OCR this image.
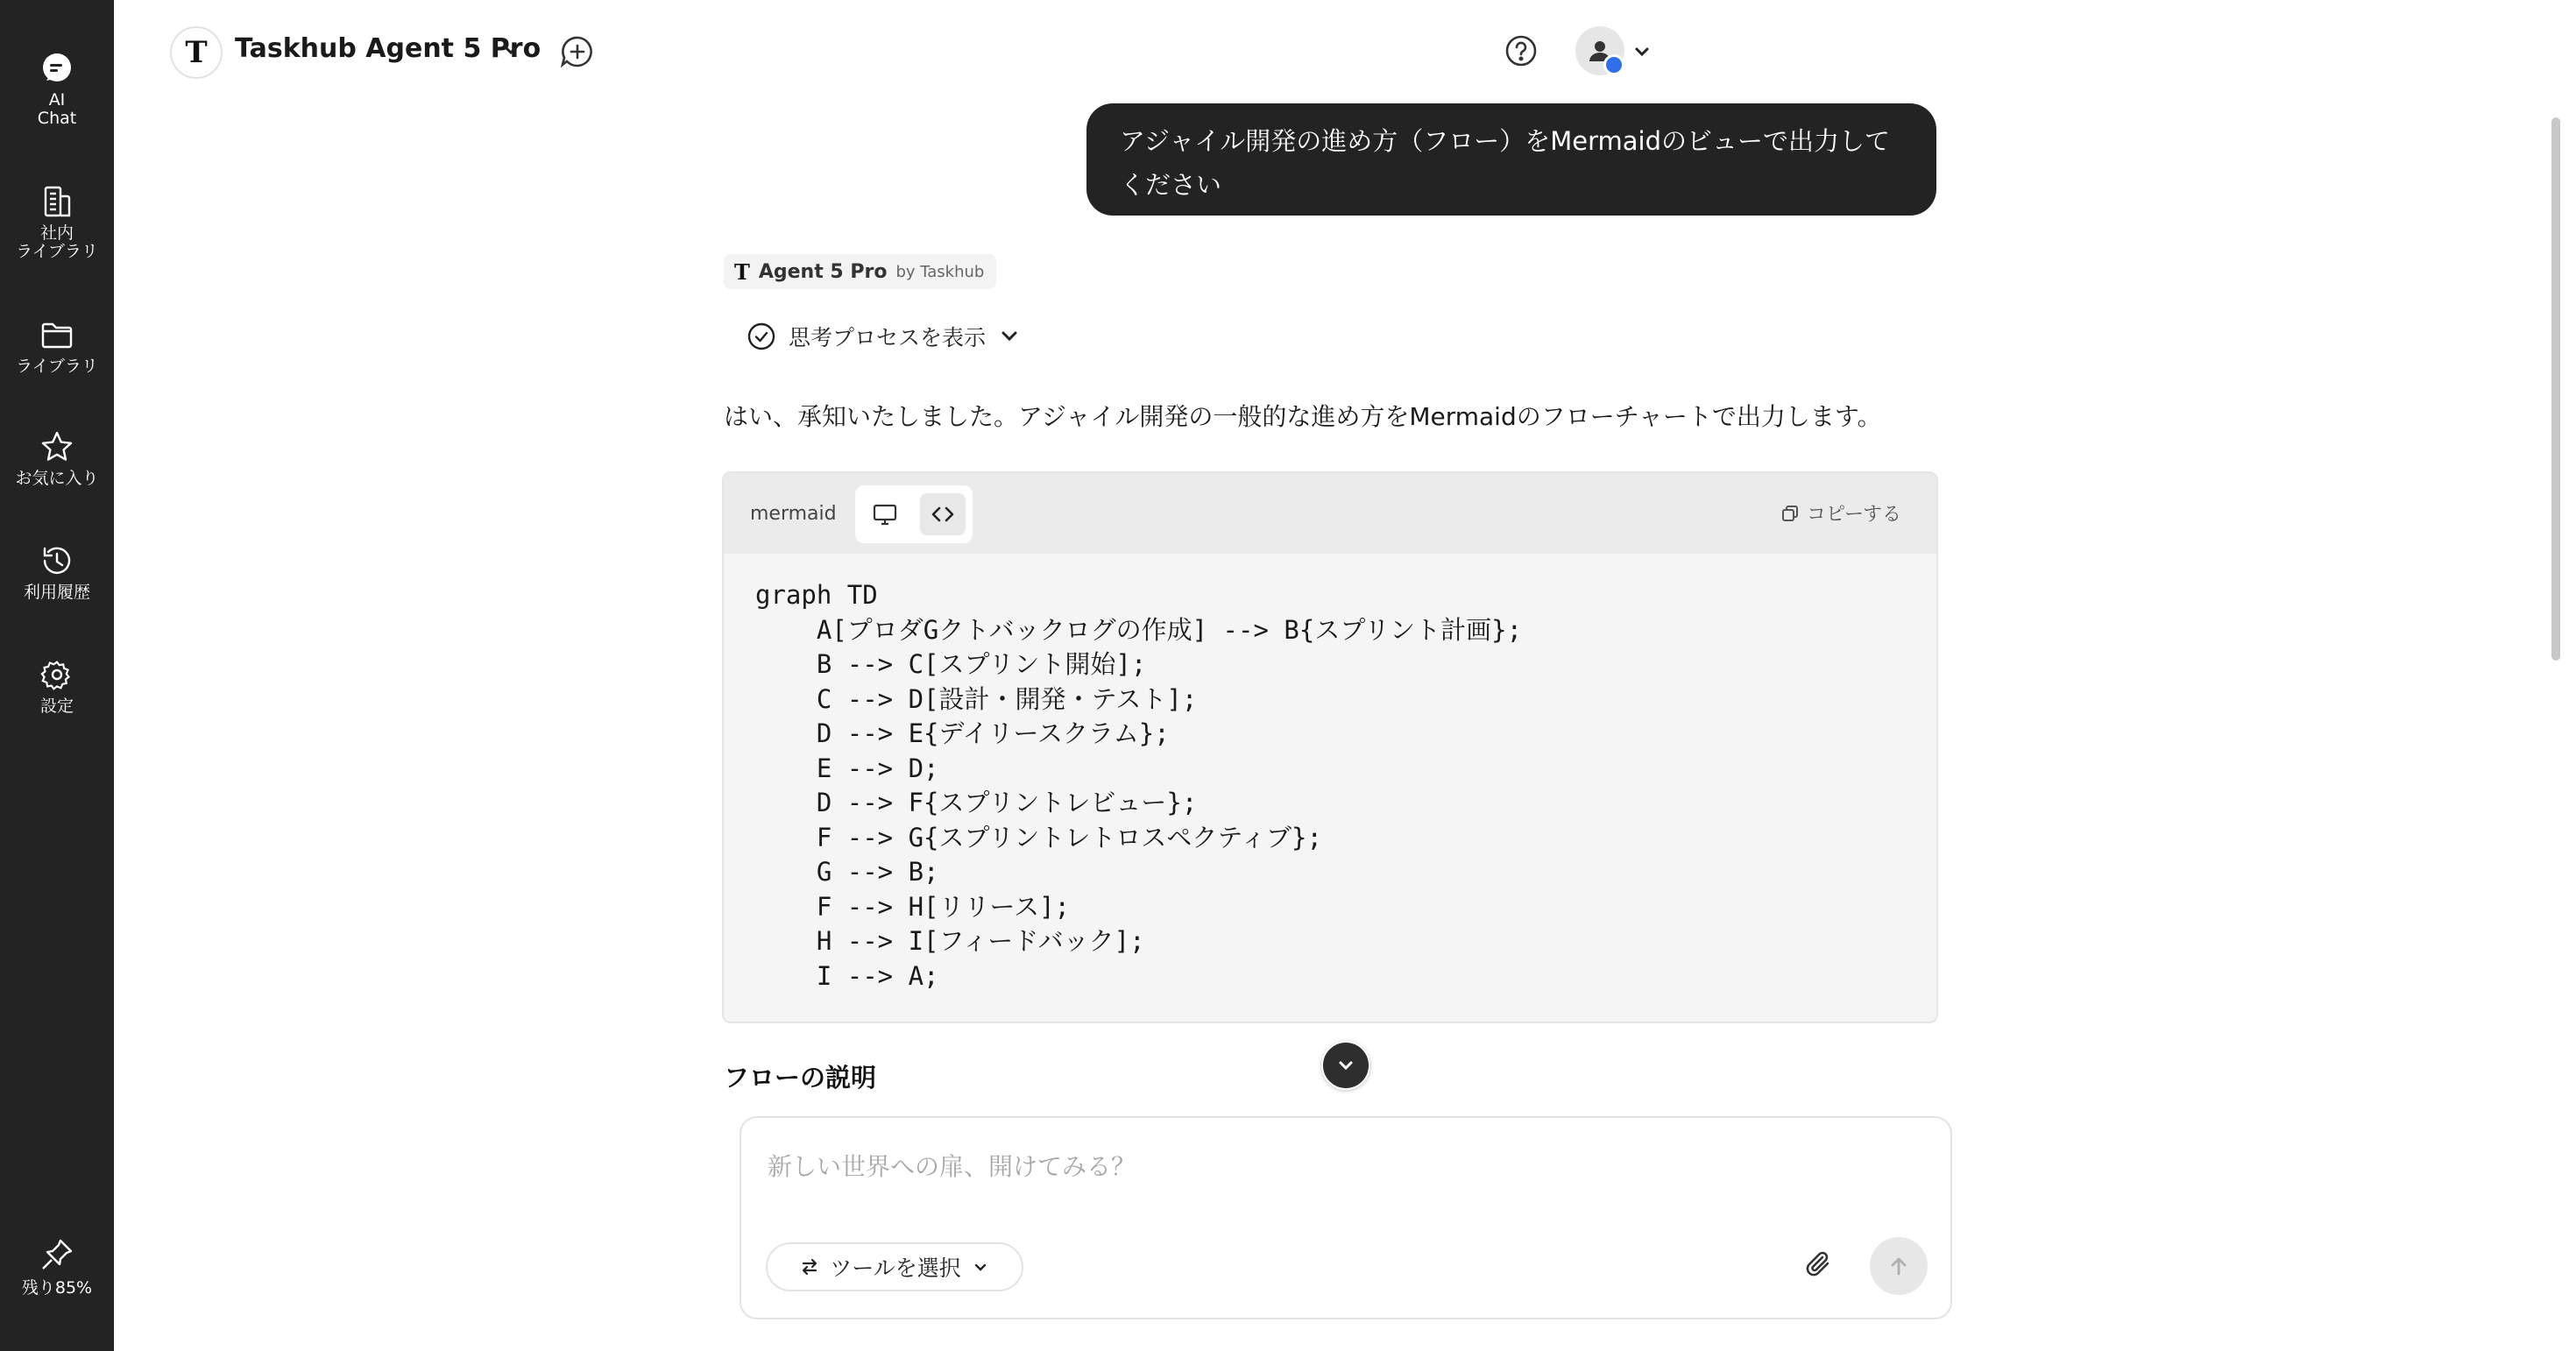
AI
Chat
社内
ライブラリ
ライブラリ
お気に入り
利用履歴
設定
残り85%
T	Taskhub Agent 5 Pro
アジャイル開発の進め方（フロー）をMermaidのビューで出力してください
T Agent 5 Pro by Taskhub
思考プロセスを表示
はい、承知いたしました。アジャイル開発の一般的な進め方をMermaidのフローチャートで出力します。
mermaid	コピーする
graph TD
A[プロダGクトバックログの作成] --> B{スプリント計画};
B --> C[スプリント開始];
C --> D[設計・開発・テスト];
D --> E{デイリースクラム};
E --> D;
D --> F{スプリントレビュー};
F --> G{スプリントレトロスペクティブ};
G --> B;
F --> H[リリース];
H --> I[フィードバック];
I --> A;
フローの説明
新しい世界への扉、開けてみる？
ツールを選択
